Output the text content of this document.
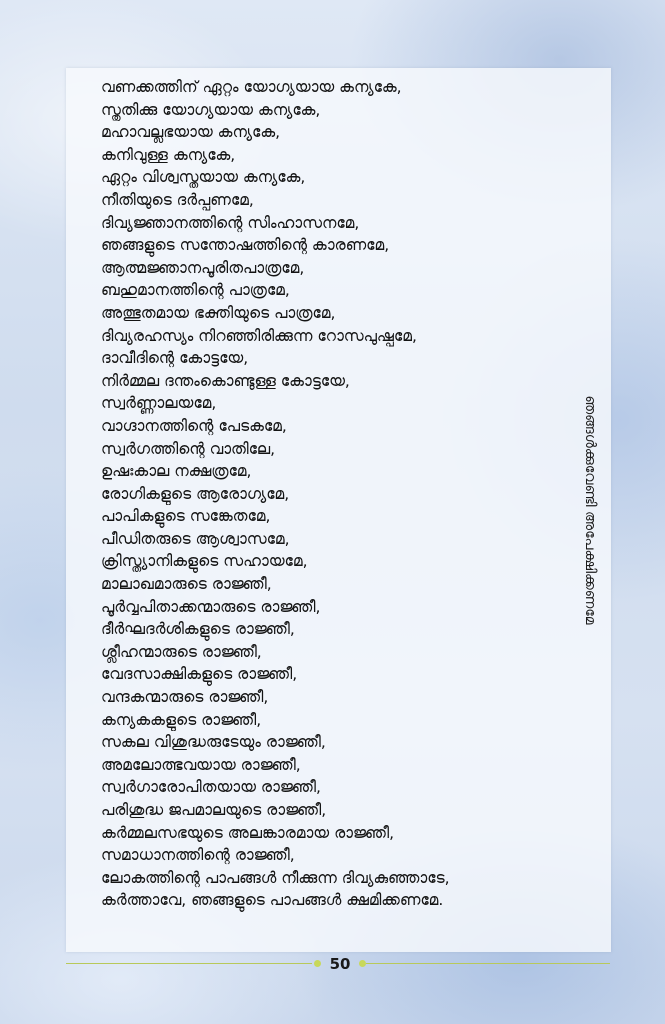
വണക്കത്തിന് ഏറ്റം യോഗ്യയായ കന്യകേ,
സ്തുതിക്കു യോഗ്യയായ കന്യകേ,
മഹാവല്ലഭയായ കന്യകേ,
കനിവുള്ള കന്യകേ,
ഏറ്റം വിശ്വസ്തയായ കന്യകേ,
നീതിയുടെ ദർപ്പണമേ,
ദിവ്യജ്ഞാനത്തിന്റെ സിംഹാസനമേ,
ഞങ്ങളുടെ സന്തോഷത്തിന്റെ കാരണമേ,
ആത്മജ്ഞാനപൂരിതപാത്രമേ,
ബഹുമാനത്തിന്റെ പാത്രമേ,
അത്ഭുതമായ ഭക്തിയുടെ പാത്രമേ,
ദിവ്യരഹസ്യം നിറഞ്ഞിരിക്കുന്ന റോസപുഷ്പമേ,
ദാവീദിന്റെ കോട്ടയേ,
നിർമ്മല ദന്തംകൊണ്ടുള്ള കോട്ടയേ,
സ്വർണ്ണാലയമേ,
വാഗ്ദാനത്തിന്റെ പേടകമേ,
സ്വർഗത്തിന്റെ വാതിലേ,
ഉഷഃകാല നക്ഷത്രമേ,
രോഗികളുടെ ആരോഗ്യമേ,
പാപികളുടെ സങ്കേതമേ,
പീഡിതരുടെ ആശ്വാസമേ,
ക്രിസ്ത്യാനികളുടെ സഹായമേ,
മാലാഖമാരുടെ രാജ്ഞീ,
പൂർവ്വപിതാക്കന്മാരുടെ രാജ്ഞീ,
ദീർഘദർശികളുടെ രാജ്ഞീ,
ശ്ലീഹന്മാരുടെ രാജ്ഞീ,
വേദസാക്ഷികളുടെ രാജ്ഞീ,
വന്ദകന്മാരുടെ രാജ്ഞീ,
കന്യകകളുടെ രാജ്ഞീ,
സകല വിശുദ്ധരുടേയും രാജ്ഞീ,
അമലോത്ഭവയായ രാജ്ഞീ,
സ്വർഗാരോപിതയായ രാജ്ഞീ,
പരിശുദ്ധ ജപമാലയുടെ രാജ്ഞീ,
കർമ്മലസഭയുടെ അലങ്കാരമായ രാജ്ഞീ,
സമാധാനത്തിന്റെ രാജ്ഞീ,
ലോകത്തിന്റെ പാപങ്ങൾ നീക്കുന്ന ദിവ്യകുഞ്ഞാടേ,
കർത്താവേ, ഞങ്ങളുടെ പാപങ്ങൾ ക്ഷമിക്കണമേ.
ഞങ്ങൾക്കുവേണ്ടി അപേക്ഷിക്കണമേ
50
